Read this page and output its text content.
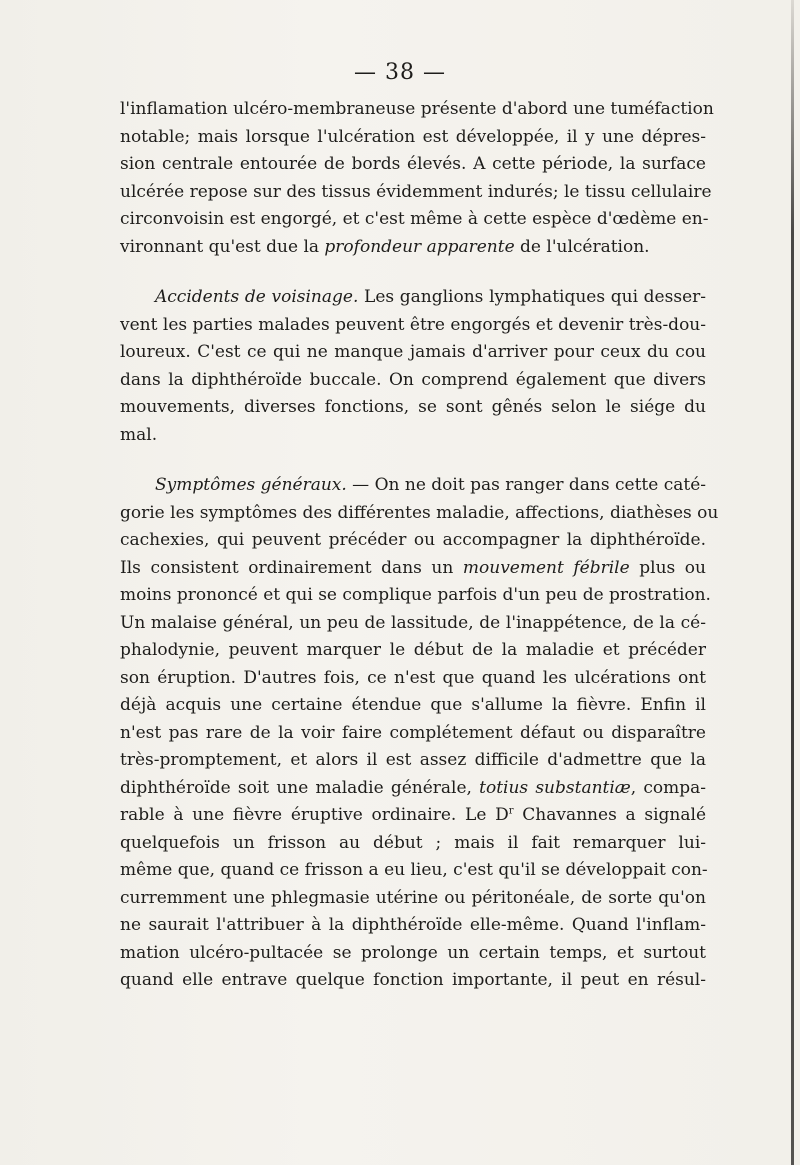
— 38 —

l'inflamation ulcéro-membraneuse présente d'abord une tuméfaction
notable; mais lorsque l'ulcération est développée, il y une dépres-
sion centrale entourée de bords élevés. A cette période, la surface
ulcérée repose sur des tissus évidemment indurés; le tissu cellulaire
circonvoisin est engorgé, et c'est même à cette espèce d'œdème en-
vironnant qu'est due la profondeur apparente de l'ulcération.

Accidents de voisinage. Les ganglions lymphatiques qui desser-
vent les parties malades peuvent être engorgés et devenir très-dou-
loureux. C'est ce qui ne manque jamais d'arriver pour ceux du cou
dans la diphthéroïde buccale. On comprend également que divers
mouvements, diverses fonctions, se sont gênés selon le siége du
mal.

Symptômes généraux. — On ne doit pas ranger dans cette caté-
gorie les symptômes des différentes maladie, affections, diathèses ou
cachexies, qui peuvent précéder ou accompagner la diphthéroïde.
Ils consistent ordinairement dans un mouvement fébrile plus ou
moins prononcé et qui se complique parfois d'un peu de prostration.
Un malaise général, un peu de lassitude, de l'inappétence, de la cé-
phalodynie, peuvent marquer le début de la maladie et précéder
son éruption. D'autres fois, ce n'est que quand les ulcérations ont
déjà acquis une certaine étendue que s'allume la fièvre. Enfin il
n'est pas rare de la voir faire complétement défaut ou disparaître
très-promptement, et alors il est assez difficile d'admettre que la
diphthéroïde soit une maladie générale, totius substantiæ, compa-
rable à une fièvre éruptive ordinaire. Le $D^r$ Chavannes a signalé
quelquefois un frisson au début ; mais il fait remarquer lui-
même que, quand ce frisson a eu lieu, c'est qu'il se développait con-
curremment une phlegmasie utérine ou péritonéale, de sorte qu'on
ne saurait l'attribuer à la diphthéroïde elle-même. Quand l'inflam-
mation ulcéro-pultacée se prolonge un certain temps, et surtout
quand elle entrave quelque fonction importante, il peut en résul-
